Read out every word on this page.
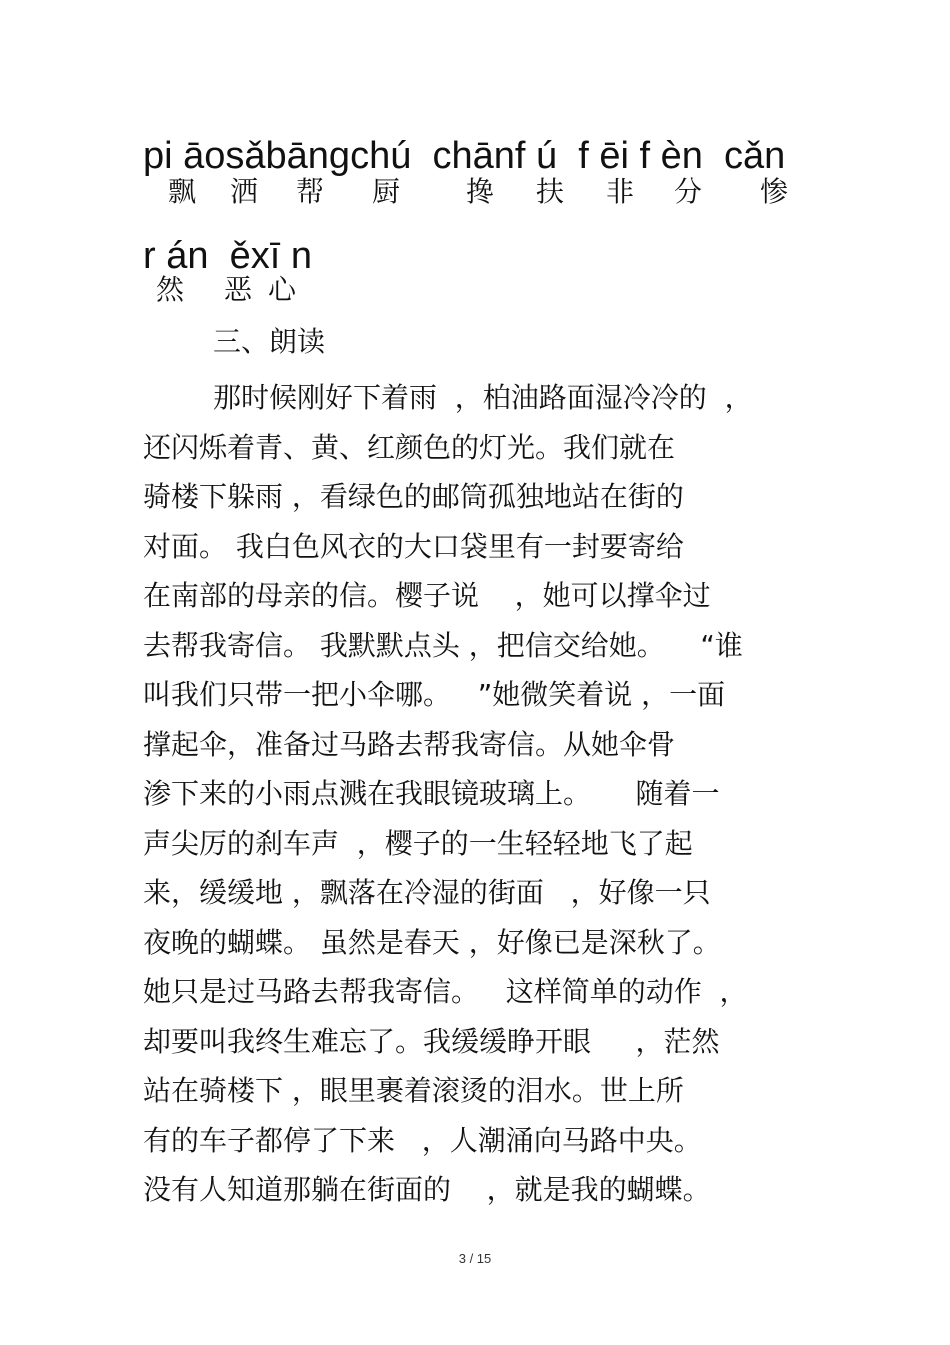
pi āosǎbāngchú  chānf ú  f ēi f èn  cǎn
飘 洒 帮 厨 搀 扶 非 分 惨
r án  ěxī n
然 恶 心
三、朗读
那时候刚好下着雨  ，柏油路面湿冷冷的  ，
还闪烁着青、黄、红颜色的灯光。我们就在
骑楼下躲雨 ，看绿色的邮筒孤独地站在街的
对面。 我白色风衣的大口袋里有一封要寄给
在南部的母亲的信。樱子说    ，她可以撑伞过
去帮我寄信。 我默默点头 ，把信交给她。    “谁
叫我们只带一把小伞哪。   ”她微笑着说 ，一面
撑起伞，准备过马路去帮我寄信。从她伞骨
渗下来的小雨点溅在我眼镜玻璃上。     随着一
声尖厉的刹车声  ，樱子的一生轻轻地飞了起
来，缓缓地 ，飘落在冷湿的街面   ，好像一只
夜晚的蝴蝶。 虽然是春天 ，好像已是深秋了。
她只是过马路去帮我寄信。   这样简单的动作  ，
却要叫我终生难忘了。我缓缓睁开眼     ，茫然
站在骑楼下 ，眼里裹着滚烫的泪水。世上所
有的车子都停了下来   ，人潮涌向马路中央。
没有人知道那躺在街面的    ，就是我的蝴蝶。
3 / 15
